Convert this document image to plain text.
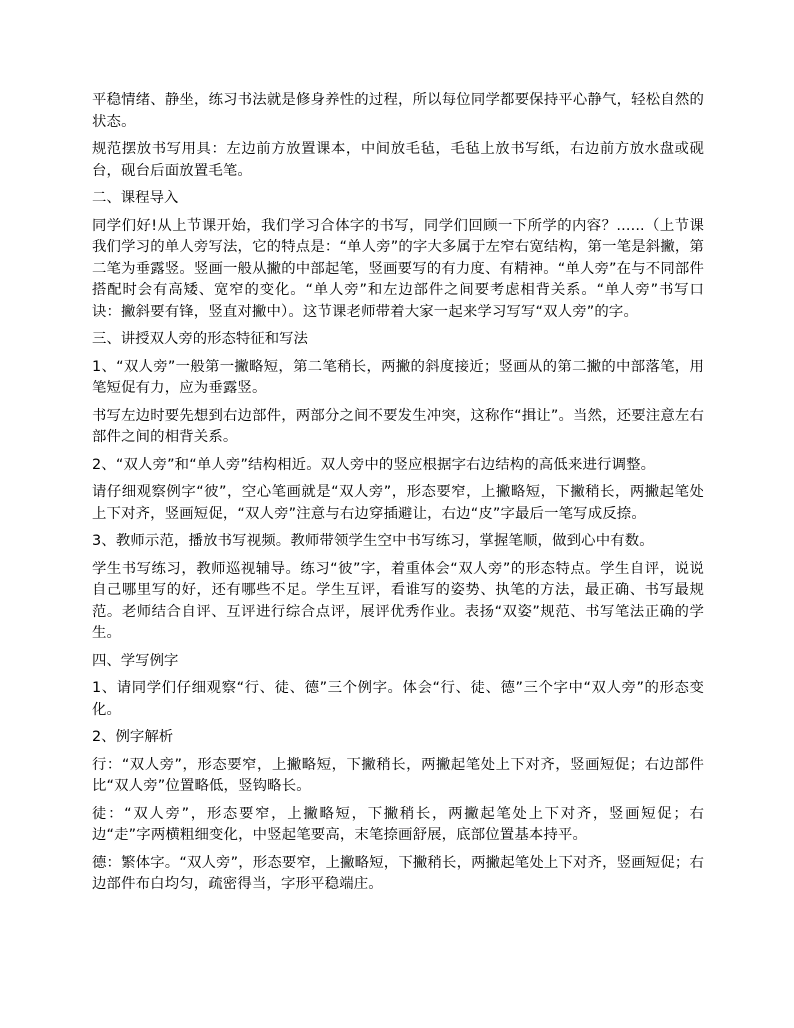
平稳情绪、静坐，练习书法就是修身养性的过程，所以每位同学都要保持平心静气，轻松自然的状态。

规范摆放书写用具：左边前方放置课本，中间放毛毡，毛毡上放书写纸，右边前方放水盘或砚台，砚台后面放置毛笔。

二、课程导入

同学们好!从上节课开始，我们学习合体字的书写，同学们回顾一下所学的内容？......（上节课我们学习的单人旁写法，它的特点是：“单人旁”的字大多属于左窄右宽结构，第一笔是斜撇，第二笔为垂露竖。竖画一般从撇的中部起笔，竖画要写的有力度、有精神。“单人旁”在与不同部件搭配时会有高矮、宽窄的变化。“单人旁”和左边部件之间要考虑相背关系。“单人旁”书写口诀：撇斜要有锋，竖直对撇中）。这节课老师带着大家一起来学习写写“双人旁”的字。

三、讲授双人旁的形态特征和写法

1、“双人旁”一般第一撇略短，第二笔稍长，两撇的斜度接近；竖画从的第二撇的中部落笔，用笔短促有力，应为垂露竖。

书写左边时要先想到右边部件，两部分之间不要发生冲突，这称作“揖让”。当然，还要注意左右部件之间的相背关系。

2、“双人旁”和“单人旁”结构相近。双人旁中的竖应根据字右边结构的高低来进行调整。

请仔细观察例字“彼”，空心笔画就是“双人旁”，形态要窄，上撇略短，下撇稍长，两撇起笔处上下对齐，竖画短促，“双人旁”注意与右边穿插避让，右边“皮”字最后一笔写成反捺。

3、教师示范，播放书写视频。教师带领学生空中书写练习，掌握笔顺，做到心中有数。

学生书写练习，教师巡视辅导。练习“彼”字，着重体会“双人旁”的形态特点。学生自评，说说自己哪里写的好，还有哪些不足。学生互评，看谁写的姿势、执笔的方法，最正确、书写最规范。老师结合自评、互评进行综合点评，展评优秀作业。表扬“双姿”规范、书写笔法正确的学生。

四、学写例字

1、请同学们仔细观察“行、徒、德”三个例字。体会“行、徒、德”三个字中“双人旁”的形态变化。

2、例字解析

行：“双人旁”，形态要窄，上撇略短，下撇稍长，两撇起笔处上下对齐，竖画短促；右边部件比“双人旁”位置略低，竖钩略长。

徒：“双人旁”，形态要窄，上撇略短，下撇稍长，两撇起笔处上下对齐，竖画短促；右边“走”字两横粗细变化，中竖起笔要高，末笔捺画舒展，底部位置基本持平。

德：繁体字。“双人旁”，形态要窄，上撇略短，下撇稍长，两撇起笔处上下对齐，竖画短促；右边部件布白均匀，疏密得当，字形平稳端庄。
